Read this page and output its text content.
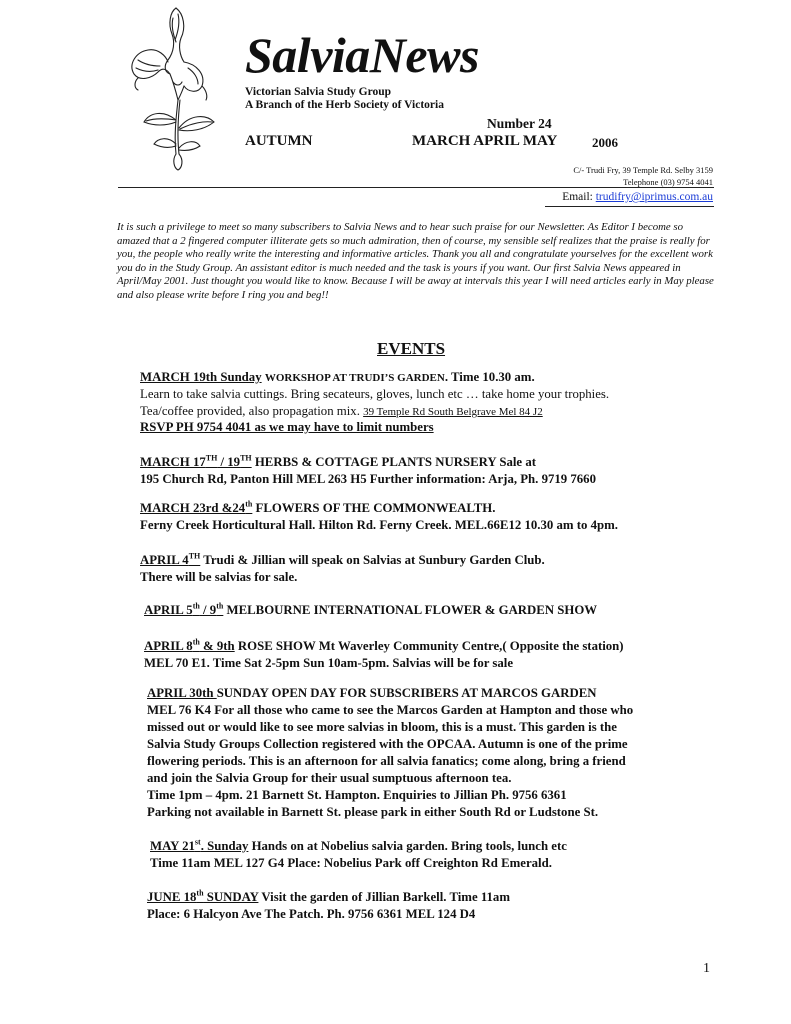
SalviaNews
Victorian Salvia Study Group
A Branch of the Herb Society of Victoria
Number 24
AUTUMN	MARCH APRIL MAY	2006
C/- Trudi Fry, 39 Temple Rd. Selby 3159
Telephone (03) 9754 4041
Email: trudifry@iprimus.com.au
It is such a privilege to meet so many subscribers to Salvia News and to hear such praise for our Newsletter. As Editor I become so amazed that a 2 fingered computer illiterate gets so much admiration, then of course, my sensible self realizes that the praise is really for you, the people who really write the interesting and informative articles. Thank you all and congratulate yourselves for the excellent work you do in the Study Group. An assistant editor is much needed and the task is yours if you want. Our first Salvia News appeared in April/May 2001. Just thought you would like to know. Because I will be away at intervals this year I will need articles early in May please and also please write before I ring you and beg!!
EVENTS
MARCH 19th Sunday WORKSHOP AT TRUDI’S GARDEN. Time 10.30 am.
Learn to take salvia cuttings. Bring secateurs, gloves, lunch etc … take home your trophies.
Tea/coffee provided, also propagation mix. 39 Temple Rd South Belgrave Mel 84 J2
RSVP PH 9754 4041 as we may have to limit numbers
MARCH 17TH / 19TH HERBS & COTTAGE PLANTS NURSERY Sale at
195 Church Rd, Panton Hill MEL 263 H5 Further information: Arja, Ph. 9719 7660
MARCH 23rd &24th FLOWERS OF THE COMMONWEALTH.
Ferny Creek Horticultural Hall. Hilton Rd. Ferny Creek. MEL.66E12 10.30 am to 4pm.
APRIL 4TH Trudi & Jillian will speak on Salvias at Sunbury Garden Club.
There will be salvias for sale.
APRIL 5th / 9th MELBOURNE INTERNATIONAL FLOWER & GARDEN SHOW
APRIL 8th & 9th ROSE SHOW Mt Waverley Community Centre,( Opposite the station)
MEL 70 E1. Time Sat 2-5pm Sun 10am-5pm. Salvias will be for sale
APRIL 30th SUNDAY OPEN DAY FOR SUBSCRIBERS AT MARCOS GARDEN
MEL 76 K4 For all those who came to see the Marcos Garden at Hampton and those who
missed out or would like to see more salvias in bloom, this is a must. This garden is the
Salvia Study Groups Collection registered with the OPCAA. Autumn is one of the prime
flowering periods. This is an afternoon for all salvia fanatics; come along, bring a friend
and join the Salvia Group for their usual sumptuous afternoon tea.
Time 1pm – 4pm. 21 Barnett St. Hampton. Enquiries to Jillian Ph. 9756 6361
Parking not available in Barnett St. please park in either South Rd or Ludstone St.
MAY 21st. Sunday Hands on at Nobelius salvia garden. Bring tools, lunch etc
Time 11am MEL 127 G4 Place: Nobelius Park off Creighton Rd Emerald.
JUNE 18th SUNDAY Visit the garden of Jillian Barkell. Time 11am
Place: 6 Halcyon Ave The Patch. Ph. 9756 6361 MEL 124 D4
1
